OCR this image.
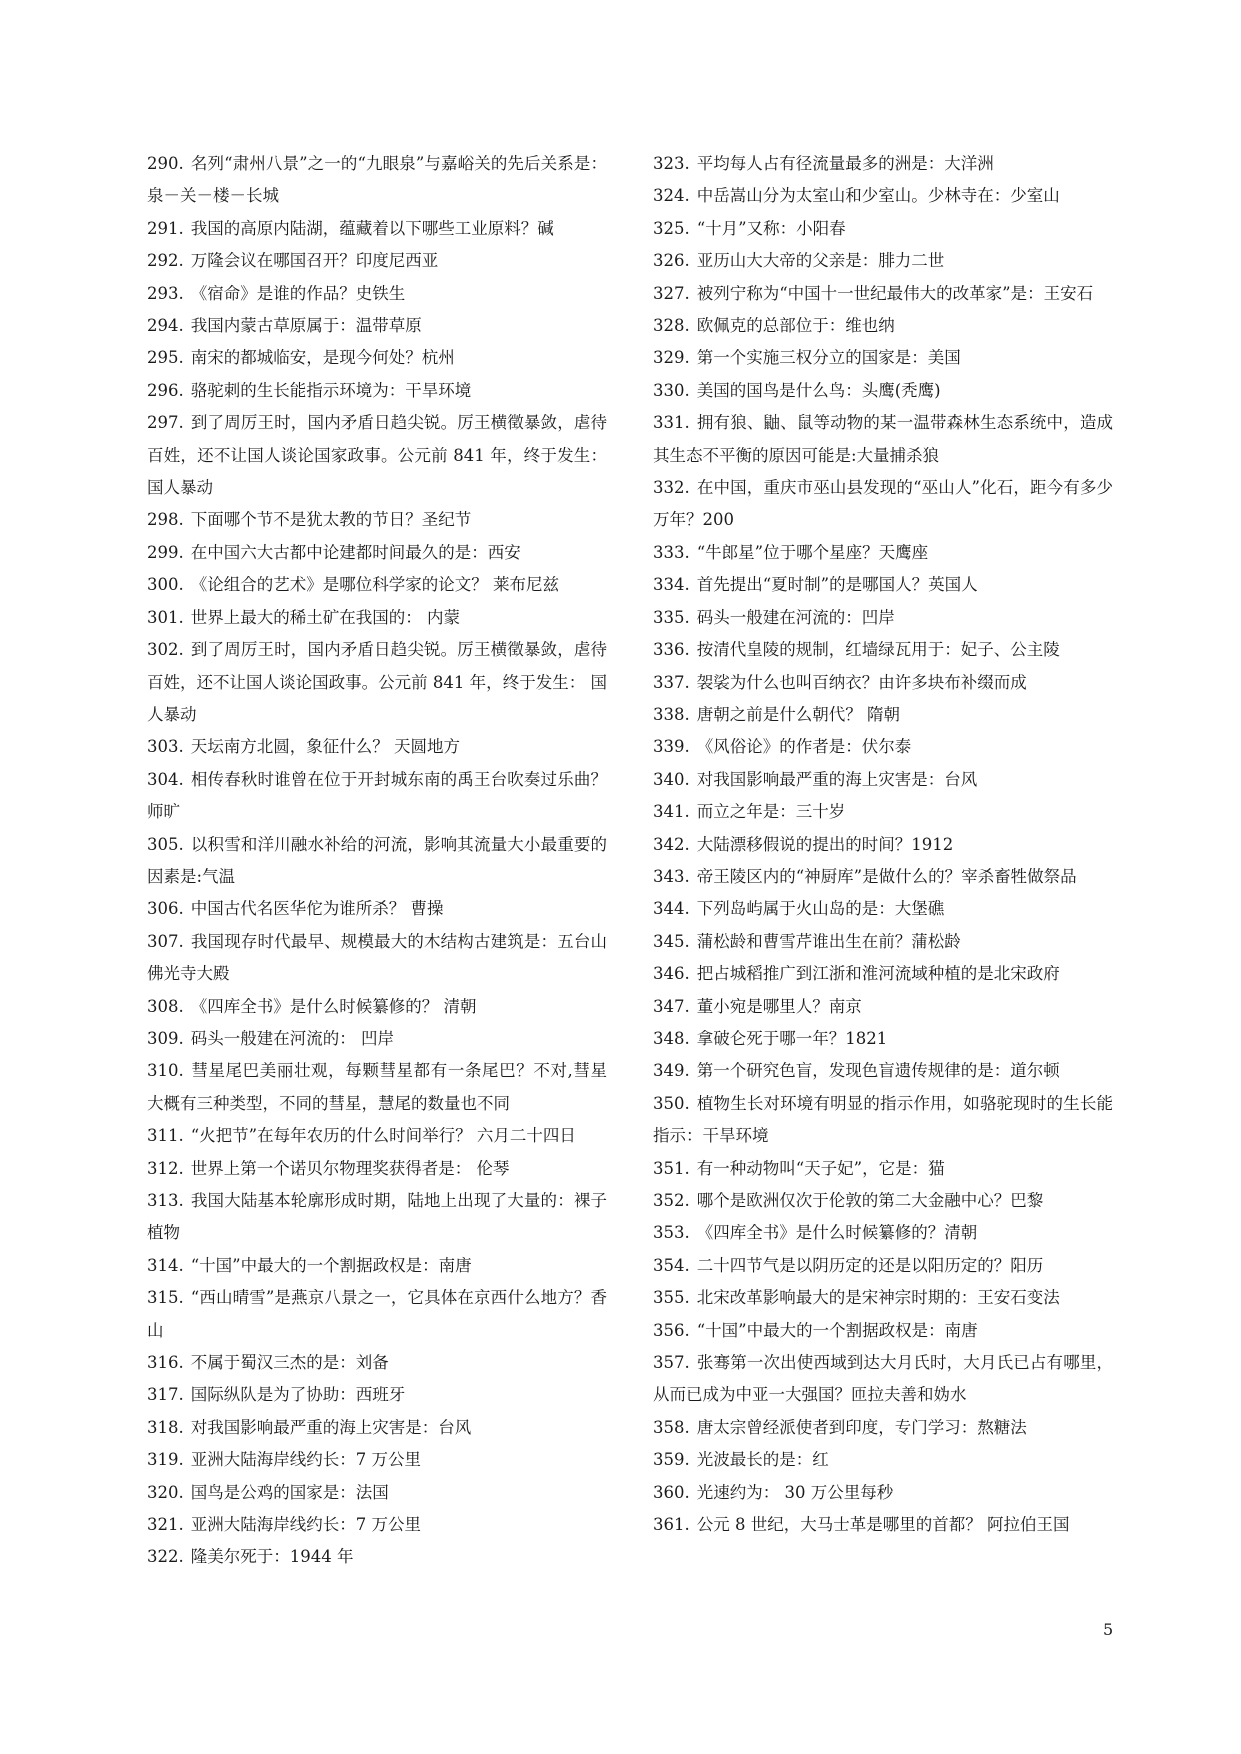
290. 名列“肃州八景”之一的“九眼泉”与嘉峪关的先后关系是：泉－关－楼－长城
291. 我国的高原内陆湖，蕴藏着以下哪些工业原料？碱
292. 万隆会议在哪国召开？印度尼西亚
293. 《宿命》是谁的作品？史铁生
294. 我国内蒙古草原属于：温带草原
295. 南宋的都城临安，是现今何处？杭州
296. 骆驼刺的生长能指示环境为：干旱环境
297. 到了周厉王时，国内矛盾日趋尖锐。厉王横徵暴敛，虐待百姓，还不让国人谈论国家政事。公元前 841 年，终于发生：国人暴动
298. 下面哪个节不是犹太教的节日？圣纪节
299. 在中国六大古都中论建都时间最久的是：西安
300. 《论组合的艺术》是哪位科学家的论文？ 莱布尼兹
301. 世界上最大的稀土矿在我国的： 内蒙
302. 到了周厉王时，国内矛盾日趋尖锐。厉王横徵暴敛，虐待百姓，还不让国人谈论国政事。公元前 841 年，终于发生： 国人暴动
303. 天坛南方北圆，象征什么？ 天圆地方
304. 相传春秋时谁曾在位于开封城东南的禹王台吹奏过乐曲？ 师旷
305. 以积雪和洋川融水补给的河流，影响其流量大小最重要的因素是:气温
306. 中国古代名医华佗为谁所杀？ 曹操
307. 我国现存时代最早、规模最大的木结构古建筑是：五台山佛光寺大殿
308. 《四库全书》是什么时候纂修的？ 清朝
309. 码头一般建在河流的： 凹岸
310. 彗星尾巴美丽壮观，每颗彗星都有一条尾巴？不对,彗星大概有三种类型，不同的彗星，慧尾的数量也不同
311. “火把节”在每年农历的什么时间举行？ 六月二十四日
312. 世界上第一个诺贝尔物理奖获得者是： 伦琴
313. 我国大陆基本轮廓形成时期，陆地上出现了大量的：裸子植物
314. “十国”中最大的一个割据政权是：南唐
315. “西山晴雪”是燕京八景之一，它具体在京西什么地方？香山
316. 不属于蜀汉三杰的是：刘备
317. 国际纵队是为了协助：西班牙
318. 对我国影响最严重的海上灾害是：台风
319. 亚洲大陆海岸线约长：7 万公里
320. 国鸟是公鸡的国家是：法国
321. 亚洲大陆海岸线约长：7 万公里
322. 隆美尔死于：1944 年
323. 平均每人占有径流量最多的洲是：大洋洲
324. 中岳嵩山分为太室山和少室山。少林寺在：少室山
325. “十月”又称：小阳春
326. 亚历山大大帝的父亲是：腓力二世
327. 被列宁称为“中国十一世纪最伟大的改革家”是：王安石
328. 欧佩克的总部位于：维也纳
329. 第一个实施三权分立的国家是：美国
330. 美国的国鸟是什么鸟：头鹰(秃鹰)
331. 拥有狼、鼬、鼠等动物的某一温带森林生态系统中，造成其生态不平衡的原因可能是:大量捕杀狼
332. 在中国，重庆市巫山县发现的“巫山人”化石，距今有多少万年？200
333. “牛郎星”位于哪个星座？天鹰座
334. 首先提出“夏时制”的是哪国人？英国人
335. 码头一般建在河流的：凹岸
336. 按清代皇陵的规制，红墙绿瓦用于：妃子、公主陵
337. 袈裟为什么也叫百纳衣？由许多块布补缀而成
338. 唐朝之前是什么朝代？ 隋朝
339. 《风俗论》的作者是：伏尔泰
340. 对我国影响最严重的海上灾害是：台风
341. 而立之年是：三十岁
342. 大陆漂移假说的提出的时间？1912
343. 帝王陵区内的“神厨库”是做什么的？宰杀畜牲做祭品
344. 下列岛屿属于火山岛的是：大堡礁
345. 蒲松龄和曹雪芹谁出生在前？蒲松龄
346. 把占城稻推广到江浙和淮河流域种植的是北宋政府
347. 董小宛是哪里人？南京
348. 拿破仑死于哪一年？1821
349. 第一个研究色盲，发现色盲遗传规律的是：道尔顿
350. 植物生长对环境有明显的指示作用，如骆驼现时的生长能指示：干旱环境
351. 有一种动物叫“天子妃”，它是：猫
352. 哪个是欧洲仅次于伦敦的第二大金融中心？巴黎
353. 《四库全书》是什么时候纂修的？清朝
354. 二十四节气是以阴历定的还是以阳历定的？阳历
355. 北宋改革影响最大的是宋神宗时期的：王安石变法
356. “十国”中最大的一个割据政权是：南唐
357. 张骞第一次出使西域到达大月氏时，大月氏已占有哪里，从而已成为中亚一大强国？匝拉夫善和妫水
358. 唐太宗曾经派使者到印度，专门学习：熬糖法
359. 光波最长的是：红
360. 光速约为： 30 万公里每秒
361. 公元 8 世纪，大马士革是哪里的首都？ 阿拉伯王国
5
